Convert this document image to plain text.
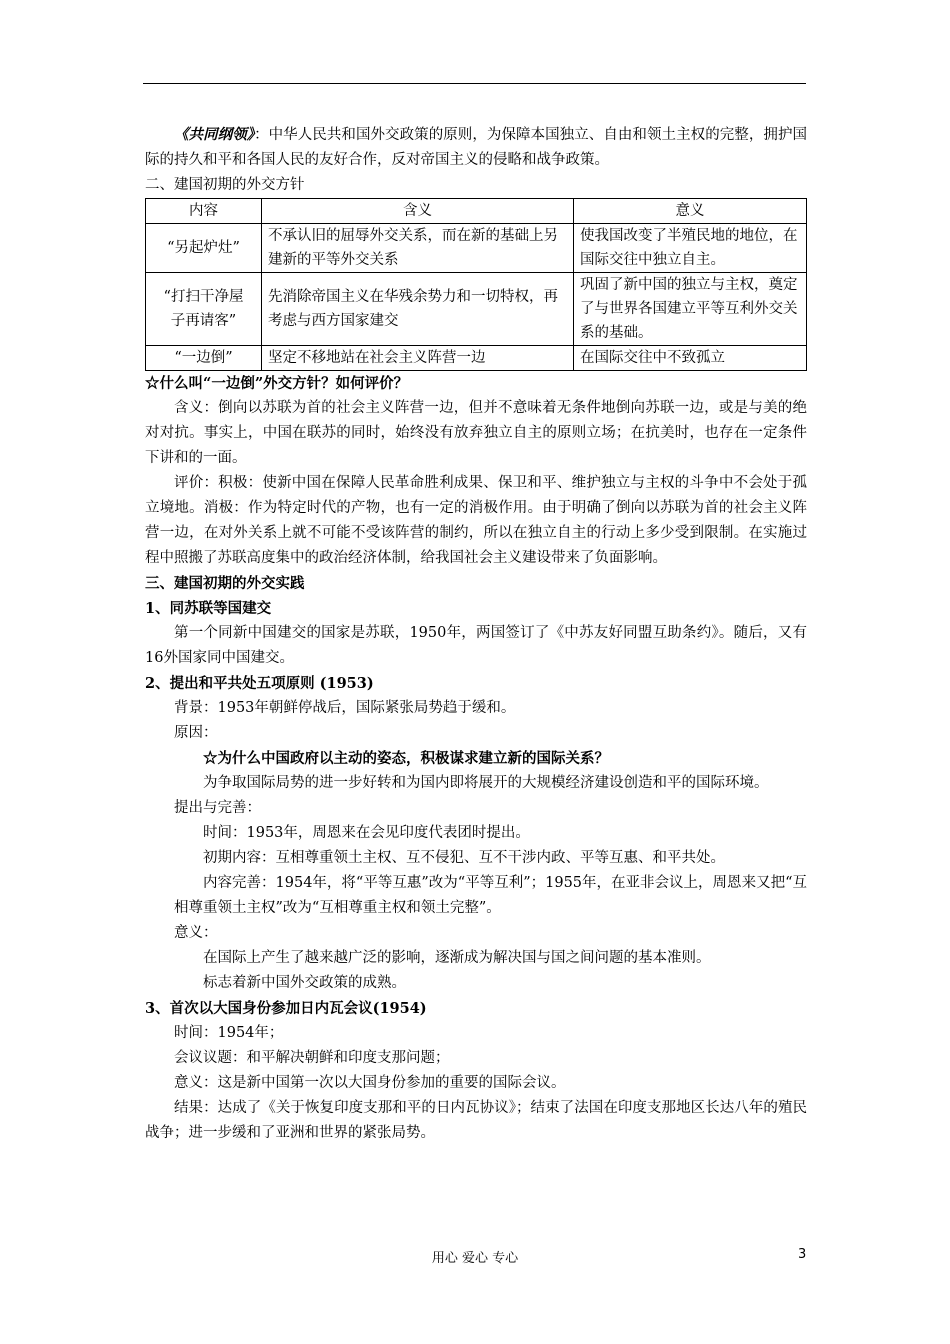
《共同纲领》：中华人民共和国外交政策的原则，为保障本国独立、自由和领土主权的完整，拥护国际的持久和平和各国人民的友好合作，反对帝国主义的侵略和战争政策。

二、建国初期的外交方针

内容	含义	意义
“另起炉灶”	不承认旧的屈辱外交关系，而在新的基础上另建新的平等外交关系	使我国改变了半殖民地的地位，在国际交往中独立自主。
“打扫干净屋子再请客”	先消除帝国主义在华残余势力和一切特权，再考虑与西方国家建交	巩固了新中国的独立与主权，奠定了与世界各国建立平等互利外交关系的基础。
“一边倒”	坚定不移地站在社会主义阵营一边	在国际交往中不致孤立

☆什么叫“一边倒”外交方针？如何评价？

含义：倒向以苏联为首的社会主义阵营一边，但并不意味着无条件地倒向苏联一边，或是与美的绝对对抗。事实上，中国在联苏的同时，始终没有放弃独立自主的原则立场；在抗美时，也存在一定条件下讲和的一面。

评价：积极：使新中国在保障人民革命胜利成果、保卫和平、维护独立与主权的斗争中不会处于孤立境地。消极：作为特定时代的产物，也有一定的消极作用。由于明确了倒向以苏联为首的社会主义阵营一边，在对外关系上就不可能不受该阵营的制约，所以在独立自主的行动上多少受到限制。在实施过程中照搬了苏联高度集中的政治经济体制，给我国社会主义建设带来了负面影响。

三、建国初期的外交实践

1、同苏联等国建交

第一个同新中国建交的国家是苏联，1950年，两国签订了《中苏友好同盟互助条约》。随后，又有16外国家同中国建交。

2、提出和平共处五项原则 (1953)

背景：1953年朝鲜停战后，国际紧张局势趋于缓和。

原因：

☆为什么中国政府以主动的姿态，积极谋求建立新的国际关系？

为争取国际局势的进一步好转和为国内即将展开的大规模经济建设创造和平的国际环境。

提出与完善：

时间：1953年，周恩来在会见印度代表团时提出。

初期内容：互相尊重领土主权、互不侵犯、互不干涉内政、平等互惠、和平共处。

内容完善：1954年，将“平等互惠”改为“平等互利”；1955年，在亚非会议上，周恩来又把“互相尊重领土主权”改为“互相尊重主权和领土完整”。

意义：

在国际上产生了越来越广泛的影响，逐渐成为解决国与国之间问题的基本准则。

标志着新中国外交政策的成熟。

3、首次以大国身份参加日内瓦会议(1954)

时间：1954年；

会议议题：和平解决朝鲜和印度支那问题；

意义：这是新中国第一次以大国身份参加的重要的国际会议。

结果：达成了《关于恢复印度支那和平的日内瓦协议》；结束了法国在印度支那地区长达八年的殖民战争；进一步缓和了亚洲和世界的紧张局势。

用心 爱心 专心	3
